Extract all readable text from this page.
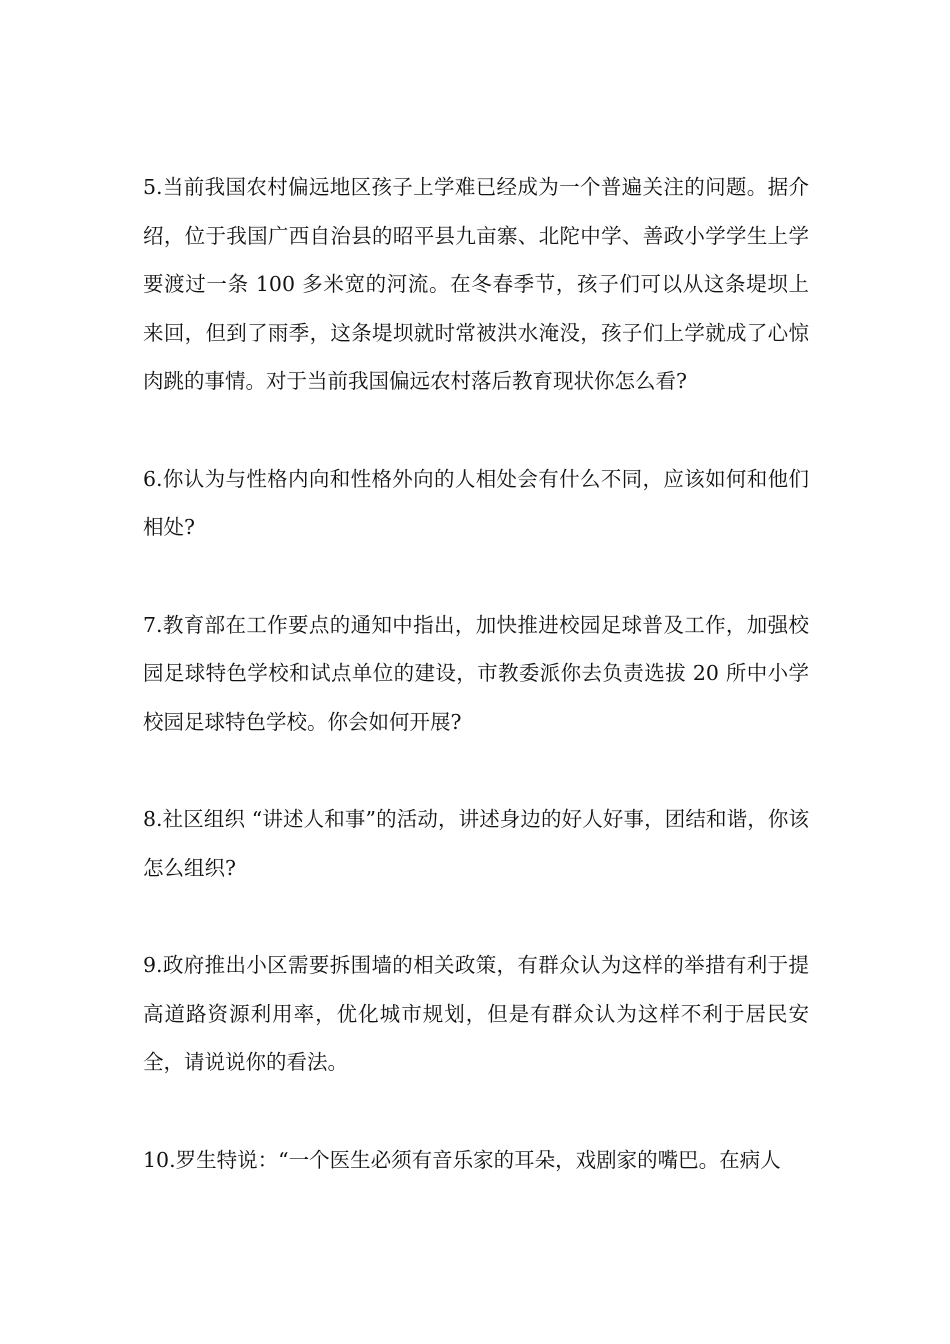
5.当前我国农村偏远地区孩子上学难已经成为一个普遍关注的问题。据介绍，位于我国广西自治县的昭平县九亩寨、北陀中学、善政小学学生上学要渡过一条 100 多米宽的河流。在冬春季节，孩子们可以从这条堤坝上来回，但到了雨季，这条堤坝就时常被洪水淹没，孩子们上学就成了心惊肉跳的事情。对于当前我国偏远农村落后教育现状你怎么看?

6.你认为与性格内向和性格外向的人相处会有什么不同，应该如何和他们相处?

7.教育部在工作要点的通知中指出，加快推进校园足球普及工作，加强校园足球特色学校和试点单位的建设，市教委派你去负责选拔 20 所中小学校园足球特色学校。你会如何开展?

8.社区组织 “讲述人和事”的活动，讲述身边的好人好事，团结和谐，你该怎么组织?

9.政府推出小区需要拆围墙的相关政策，有群众认为这样的举措有利于提高道路资源利用率，优化城市规划，但是有群众认为这样不利于居民安全，请说说你的看法。

10.罗生特说：“一个医生必须有音乐家的耳朵，戏剧家的嘴巴。在病人
